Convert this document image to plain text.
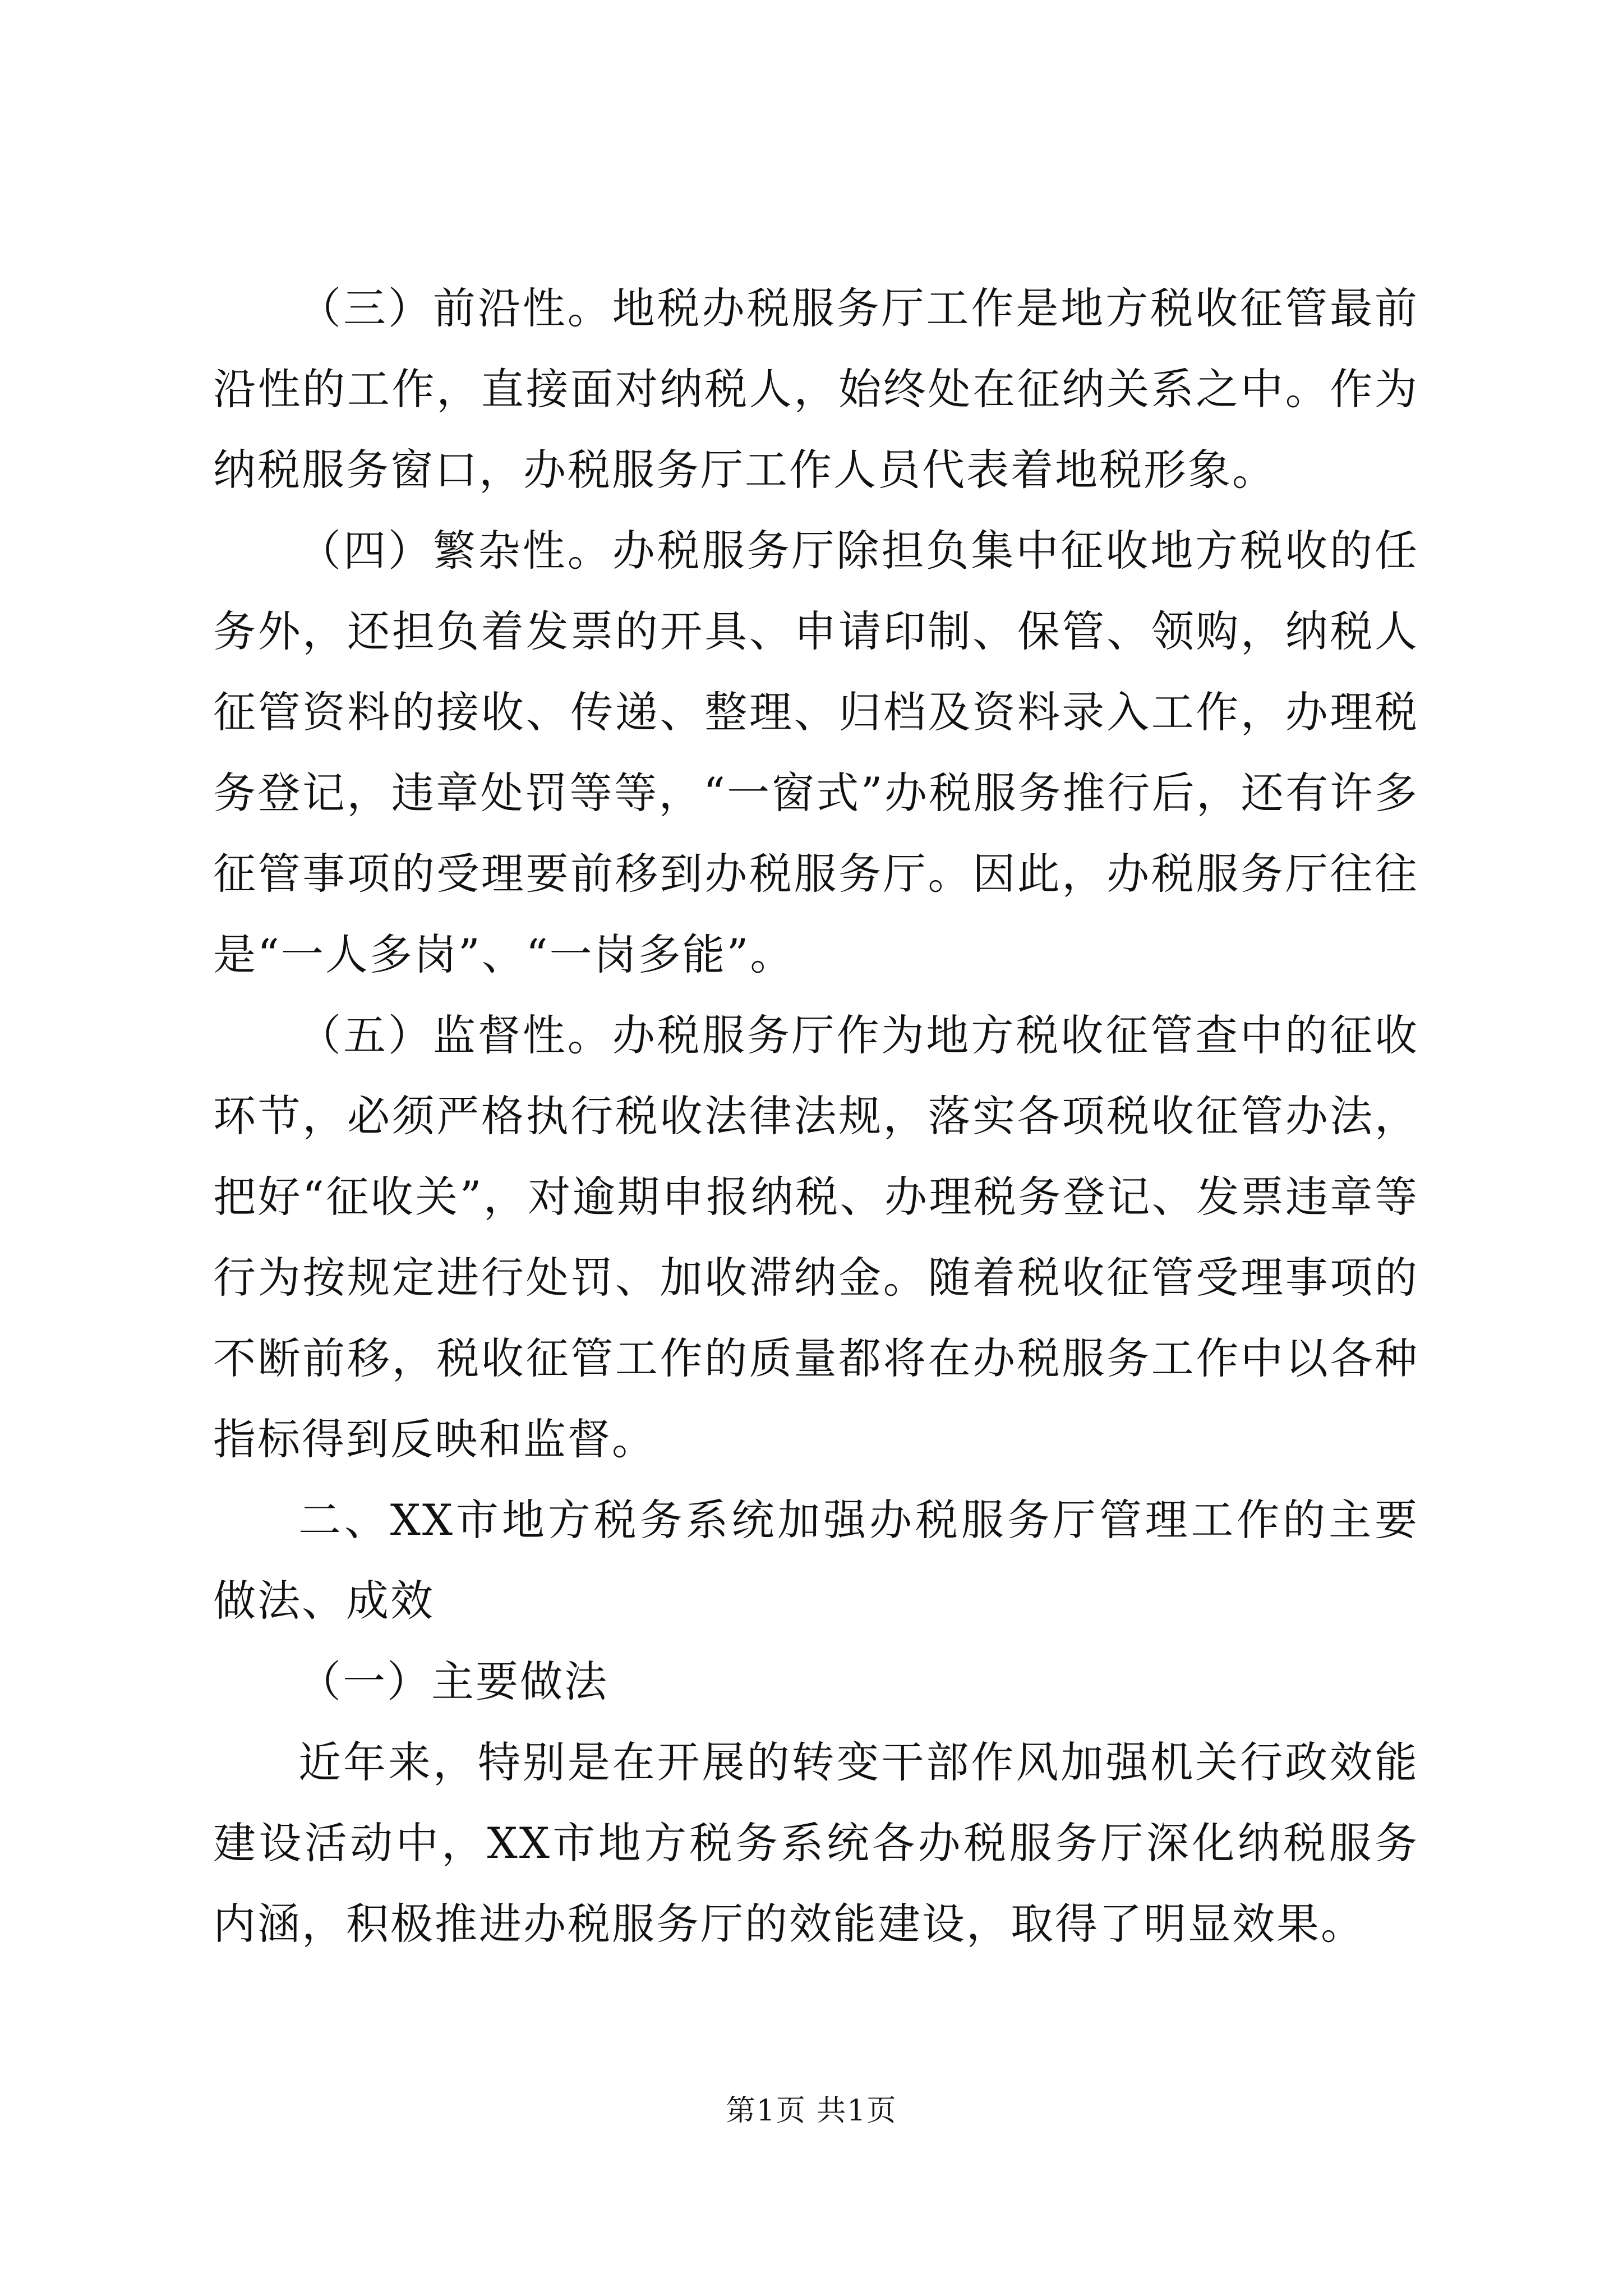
（三）前沿性。地税办税服务厅工作是地方税收征管最前沿性的工作，直接面对纳税人，始终处在征纳关系之中。作为纳税服务窗口，办税服务厅工作人员代表着地税形象。

（四）繁杂性。办税服务厅除担负集中征收地方税收的任务外，还担负着发票的开具、申请印制、保管、领购，纳税人征管资料的接收、传递、整理、归档及资料录入工作，办理税务登记，违章处罚等等，“一窗式”办税服务推行后，还有许多征管事项的受理要前移到办税服务厅。因此，办税服务厅往往是“一人多岗”、“一岗多能”。

（五）监督性。办税服务厅作为地方税收征管查中的征收环节，必须严格执行税收法律法规，落实各项税收征管办法，把好“征收关”，对逾期申报纳税、办理税务登记、发票违章等行为按规定进行处罚、加收滞纳金。随着税收征管受理事项的不断前移，税收征管工作的质量都将在办税服务工作中以各种指标得到反映和监督。

二、XX市地方税务系统加强办税服务厅管理工作的主要做法、成效

（一）主要做法

近年来，特别是在开展的转变干部作风加强机关行政效能建设活动中，XX市地方税务系统各办税服务厅深化纳税服务内涵，积极推进办税服务厅的效能建设，取得了明显效果。

第1页 共1页
